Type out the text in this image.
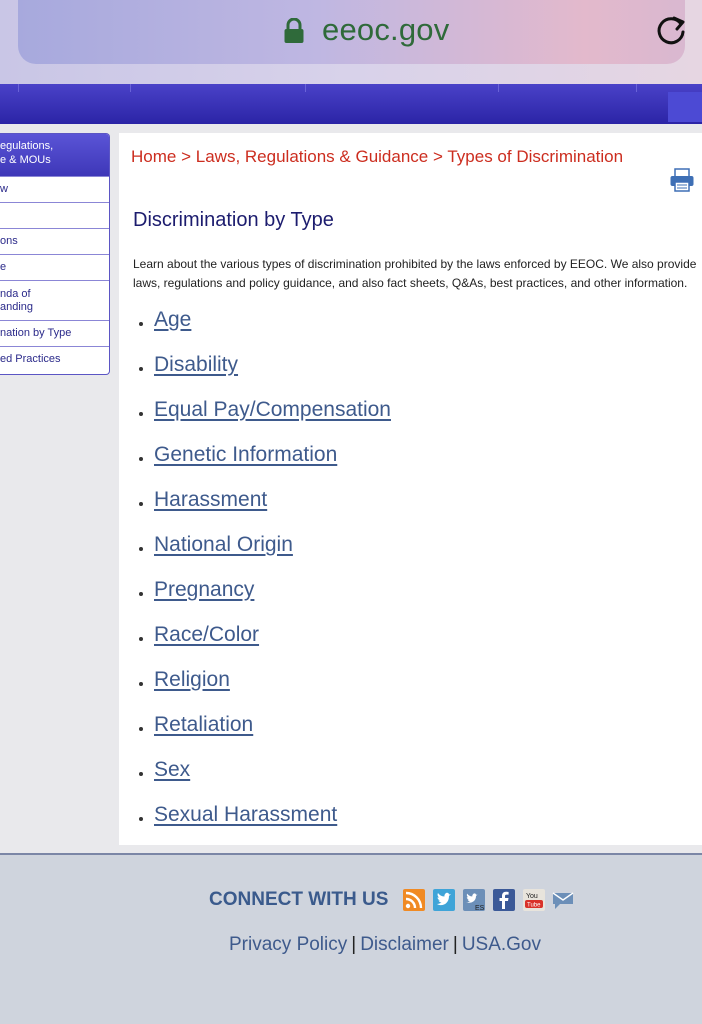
eeoc.gov
egulations,
e & MOUs
w
ons
e
nda of
anding
nation by Type
ed Practices
Home > Laws, Regulations & Guidance > Types of Discrimination
Discrimination by Type
Learn about the various types of discrimination prohibited by the laws enforced by EEOC. We also provide
laws, regulations and policy guidance, and also fact sheets, Q&As, best practices, and other information.
Age
Disability
Equal Pay/Compensation
Genetic Information
Harassment
National Origin
Pregnancy
Race/Color
Religion
Retaliation
Sex
Sexual Harassment
CONNECT WITH US	ES
You
Tube
Privacy Policy | Disclaimer | USA.Gov
